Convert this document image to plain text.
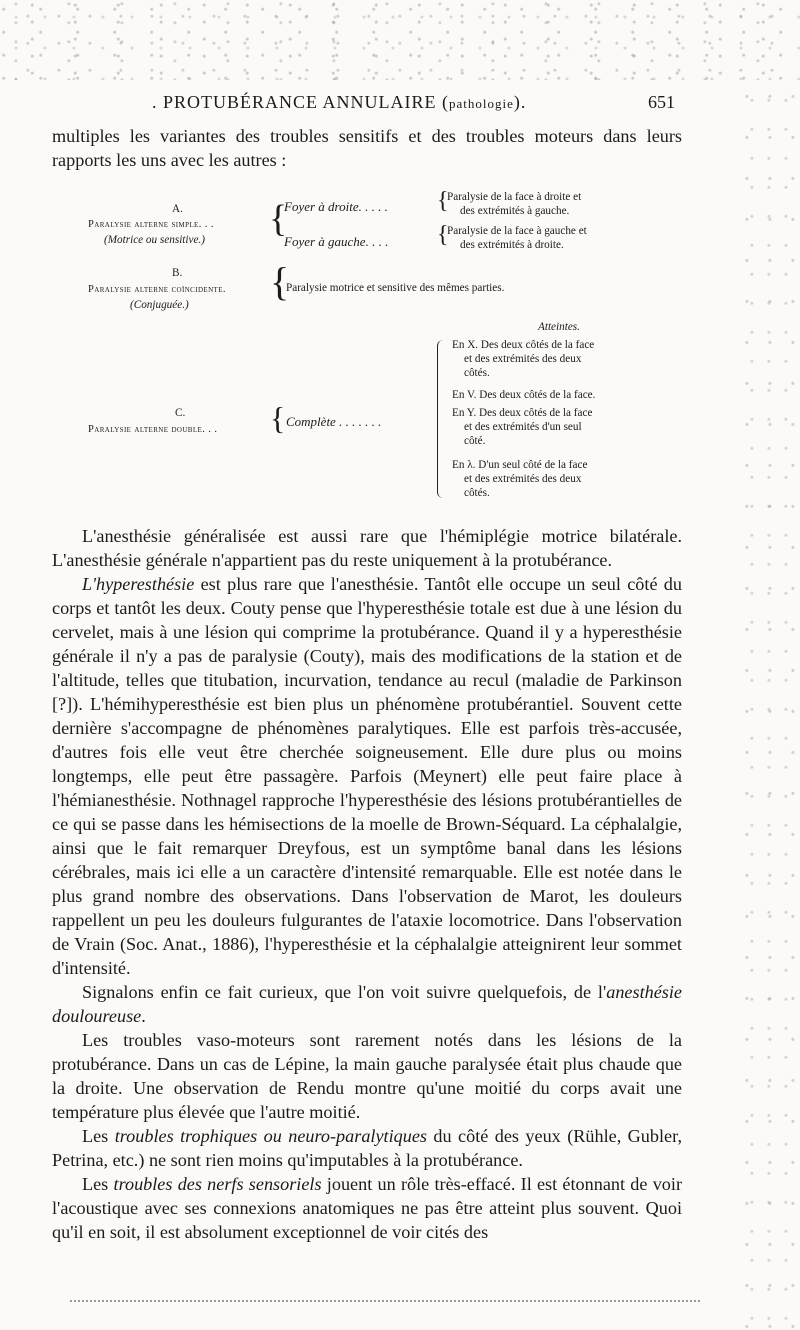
. PROTUBÉRANCE ANNULAIRE (pathologie).	651

multiples les variantes des troubles sensitifs et des troubles moteurs dans leurs rapports les uns avec les autres :

A.
Paralysie alterne simple. . .
(Motrice ou sensitive.) {
Foyer à droite. . . . .
Foyer à gauche. . . .
{
Paralysie de la face à droite et
des extrémités à gauche.
{
Paralysie de la face à gauche et
des extrémités à droite.
B.
Paralysie alterne coïncidente.
(Conjuguée.)
{
Paralysie motrice et sensitive des mêmes parties.
Atteintes.
C.
Paralysie alterne double. . . { Complète . . . . . . .
En X. Des deux côtés de la face
et des extrémités des deux
côtés.
En V. Des deux côtés de la face.
En Y. Des deux côtés de la face
et des extrémités d'un seul
côté.
En λ. D'un seul côté de la face
et des extrémités des deux
côtés.

L'anesthésie généralisée est aussi rare que l'hémiplégie motrice bilatérale. L'anesthésie générale n'appartient pas du reste uniquement à la protubérance.

L'hyperesthésie est plus rare que l'anesthésie. Tantôt elle occupe un seul côté du corps et tantôt les deux. Couty pense que l'hyperesthésie totale est due à une lésion du cervelet, mais à une lésion qui comprime la protubérance. Quand il y a hyperesthésie générale il n'y a pas de paralysie (Couty), mais des modifications de la station et de l'altitude, telles que titubation, incurvation, tendance au recul (maladie de Parkinson [?]). L'hémihyperesthésie est bien plus un phénomène protubérantiel. Souvent cette dernière s'accompagne de phénomènes paralytiques. Elle est parfois très-accusée, d'autres fois elle veut être cherchée soigneusement. Elle dure plus ou moins longtemps, elle peut être passagère. Parfois (Meynert) elle peut faire place à l'hémianesthésie. Nothnagel rapproche l'hyperesthésie des lésions protubérantielles de ce qui se passe dans les hémisections de la moelle de Brown-Séquard. La céphalalgie, ainsi que le fait remarquer Dreyfous, est un symptôme banal dans les lésions cérébrales, mais ici elle a un caractère d'intensité remarquable. Elle est notée dans le plus grand nombre des observations. Dans l'observation de Marot, les douleurs rappellent un peu les douleurs fulgurantes de l'ataxie locomotrice. Dans l'observation de Vrain (Soc. Anat., 1886), l'hyperesthésie et la céphalalgie atteignirent leur sommet d'intensité.

Signalons enfin ce fait curieux, que l'on voit suivre quelquefois, de l'anesthésie douloureuse.

Les troubles vaso-moteurs sont rarement notés dans les lésions de la protubérance. Dans un cas de Lépine, la main gauche paralysée était plus chaude que la droite. Une observation de Rendu montre qu'une moitié du corps avait une température plus élevée que l'autre moitié.

Les troubles trophiques ou neuro-paralytiques du côté des yeux (Rühle, Gubler, Petrina, etc.) ne sont rien moins qu'imputables à la protubérance.

Les troubles des nerfs sensoriels jouent un rôle très-effacé. Il est étonnant de voir l'acoustique avec ses connexions anatomiques ne pas être atteint plus souvent. Quoi qu'il en soit, il est absolument exceptionnel de voir cités des
